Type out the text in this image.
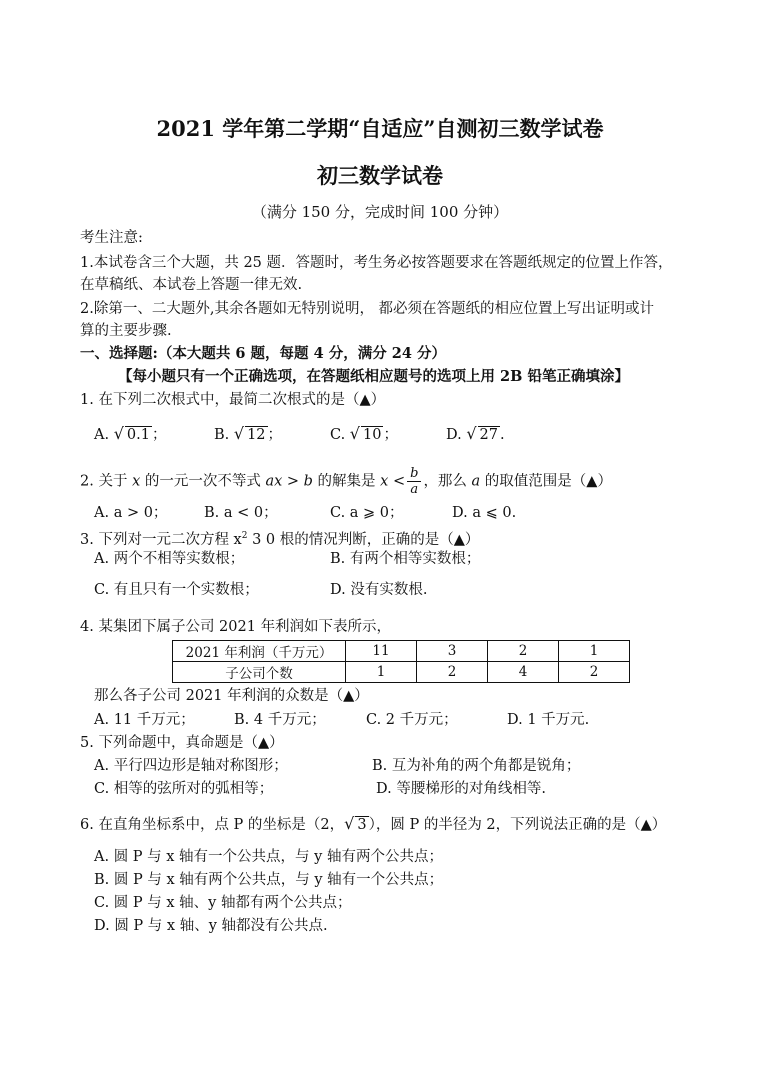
2021 学年第二学期“自适应”自测初三数学试卷
初三数学试卷
（满分 150 分，完成时间 100 分钟）
考生注意:
1.本试卷含三个大题，共 25 题．答题时，考生务必按答题要求在答题纸规定的位置上作答，
在草稿纸、本试卷上答题一律无效.
2.除第一、二大题外,其余各题如无特别说明， 都必须在答题纸的相应位置上写出证明或计
算的主要步骤.
一、选择题:（本大题共 6 题，每题 4 分，满分 24 分）
【每小题只有一个正确选项，在答题纸相应题号的选项上用 2B 铅笔正确填涂】
1. 在下列二次根式中，最简二次根式的是（▲）
A. √ 0.1 ；	B. √ 12 ；	C. √ 10 ；	D. √ 27 .
2. 关于 x 的一元一次不等式 ax > b 的解集是 $x < \frac{b}{a}$ ，那么 a 的取值范围是（▲）
A. a > 0；	B. a < 0；	C. a ⩾ 0；	D. a ⩽ 0.
3. 下列对一元二次方程 $x^2$ 3 0 根的情况判断，正确的是（▲）
A. 两个不相等实数根；	B. 有两个相等实数根；
C. 有且只有一个实数根；	D. 没有实数根.
4. 某集团下属子公司 2021 年利润如下表所示，
2021 年利润（千万元）	11	3	2	1
子公司个数	1	2	4	2
那么各子公司 2021 年利润的众数是（▲）
A. 11 千万元；	B. 4 千万元；	C. 2 千万元；	D. 1 千万元.
5. 下列命题中，真命题是（▲）
A. 平行四边形是轴对称图形；	B. 互为补角的两个角都是锐角；
C. 相等的弦所对的弧相等；	D. 等腰梯形的对角线相等.
6. 在直角坐标系中，点 P 的坐标是（2，√ 3 ），圆 P 的半径为 2，下列说法正确的是（▲）
A. 圆 P 与 x 轴有一个公共点，与 y 轴有两个公共点；
B. 圆 P 与 x 轴有两个公共点，与 y 轴有一个公共点；
C. 圆 P 与 x 轴、y 轴都有两个公共点；
D. 圆 P 与 x 轴、y 轴都没有公共点.
